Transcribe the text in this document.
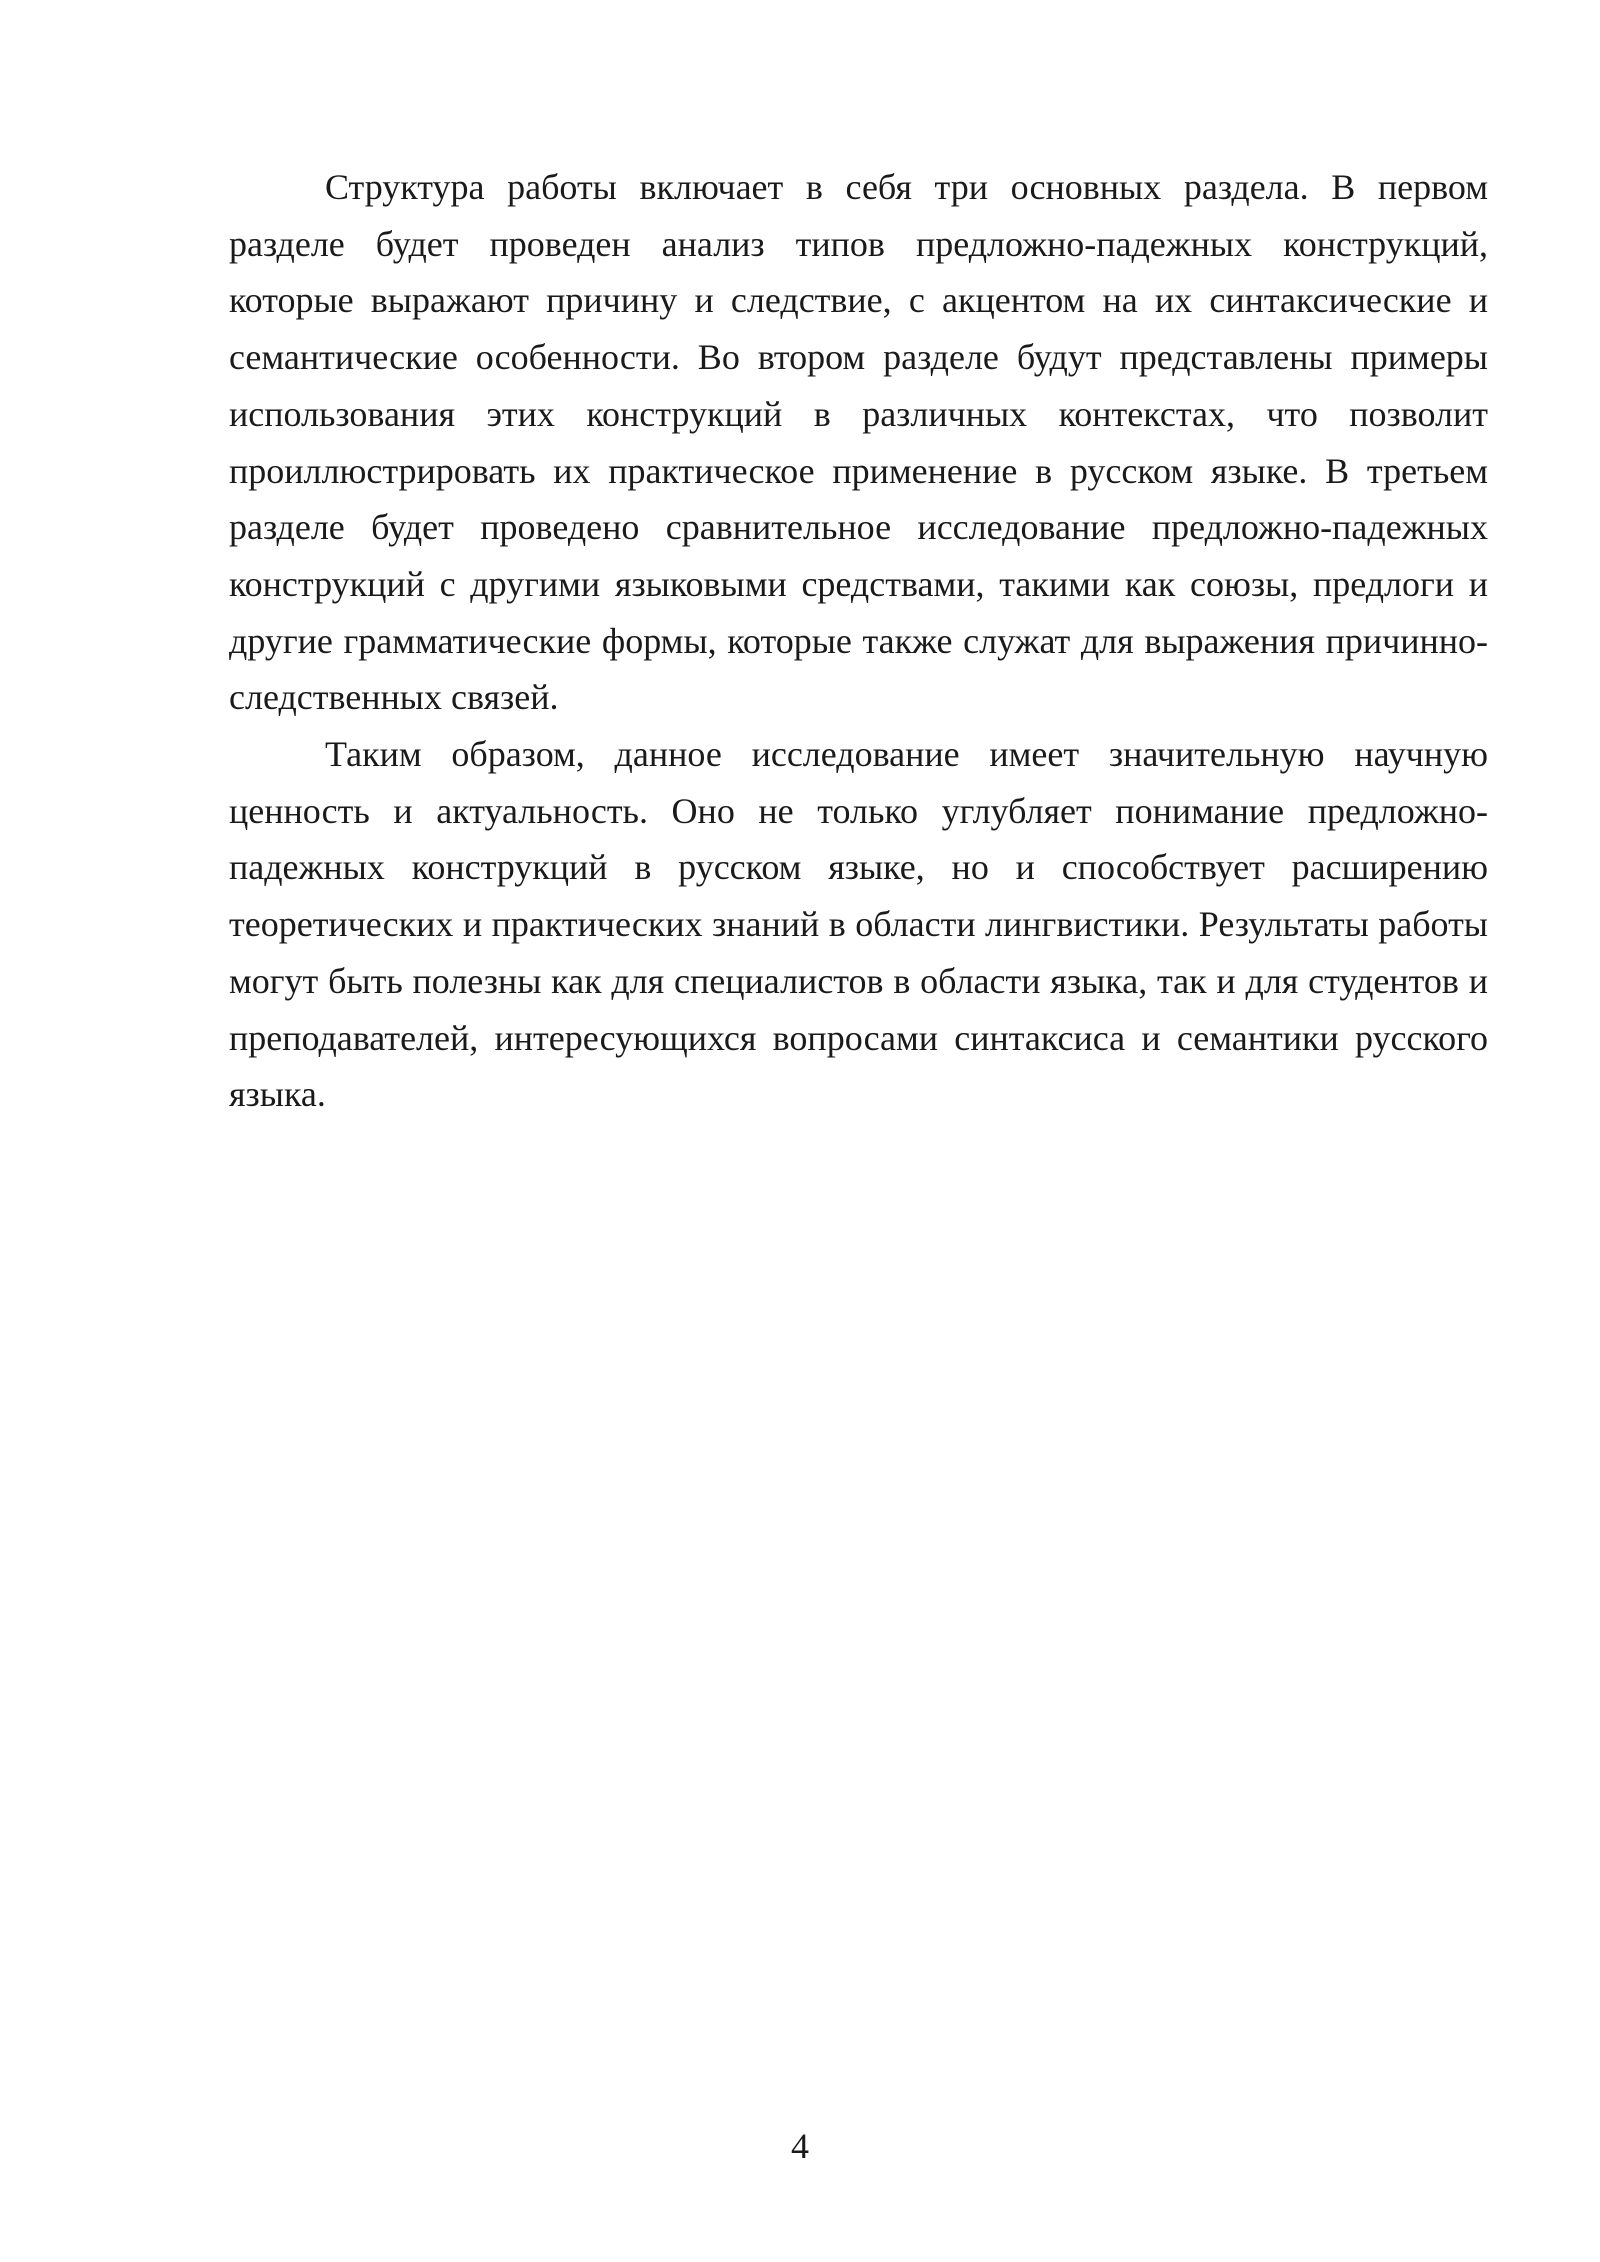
Структура работы включает в себя три основных раздела. В первом разделе будет проведен анализ типов предложно-падежных конструкций, которые выражают причину и следствие, с акцентом на их синтаксические и семантические особенности. Во втором разделе будут представлены примеры использования этих конструкций в различных контекстах, что позволит проиллюстрировать их практическое применение в русском языке. В третьем разделе будет проведено сравнительное исследование предложно-падежных конструкций с другими языковыми средствами, такими как союзы, предлоги и другие грамматические формы, которые также служат для выражения причинно-следственных связей.

Таким образом, данное исследование имеет значительную научную ценность и актуальность. Оно не только углубляет понимание предложно-падежных конструкций в русском языке, но и способствует расширению теоретических и практических знаний в области лингвистики. Результаты работы могут быть полезны как для специалистов в области языка, так и для студентов и преподавателей, интересующихся вопросами синтаксиса и семантики русского языка.

4
